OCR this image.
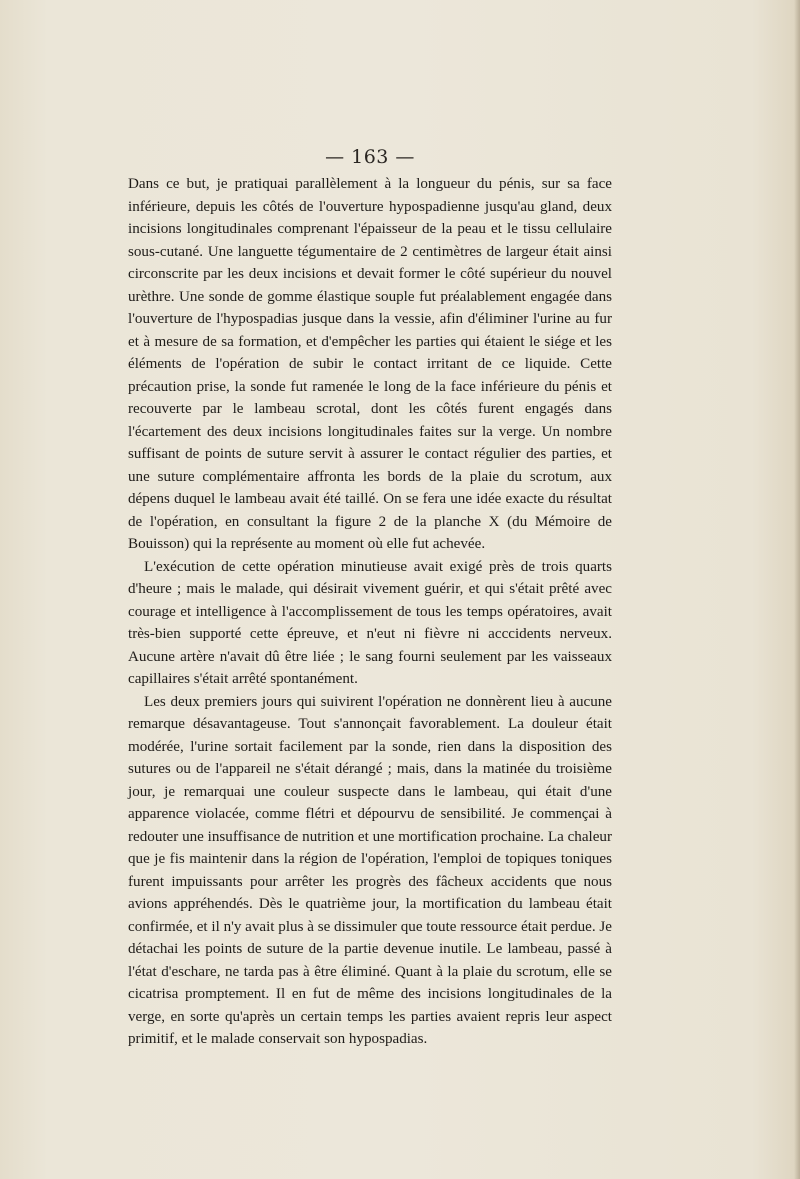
— 163 —

Dans ce but, je pratiquai parallèlement à la longueur du pénis, sur sa face inférieure, depuis les côtés de l'ouverture hypospadienne jusqu'au gland, deux incisions longitudinales comprenant l'épaisseur de la peau et le tissu cellulaire sous-cutané. Une languette tégumentaire de 2 centimètres de largeur était ainsi circonscrite par les deux incisions et devait former le côté supérieur du nouvel urèthre. Une sonde de gomme élastique souple fut préalablement engagée dans l'ouverture de l'hypospadias jusque dans la vessie, afin d'éliminer l'urine au fur et à mesure de sa formation, et d'empêcher les parties qui étaient le siége et les éléments de l'opération de subir le contact irritant de ce liquide. Cette précaution prise, la sonde fut ramenée le long de la face inférieure du pénis et recouverte par le lambeau scrotal, dont les côtés furent engagés dans l'écartement des deux incisions longitudinales faites sur la verge. Un nombre suffisant de points de suture servit à assurer le contact régulier des parties, et une suture complémentaire affronta les bords de la plaie du scrotum, aux dépens duquel le lambeau avait été taillé. On se fera une idée exacte du résultat de l'opération, en consultant la figure 2 de la planche X (du Mémoire de Bouisson) qui la représente au moment où elle fut achevée.

L'exécution de cette opération minutieuse avait exigé près de trois quarts d'heure ; mais le malade, qui désirait vivement guérir, et qui s'était prêté avec courage et intelligence à l'accomplissement de tous les temps opératoires, avait très-bien supporté cette épreuve, et n'eut ni fièvre ni acccidents nerveux. Aucune artère n'avait dû être liée ; le sang fourni seulement par les vaisseaux capillaires s'était arrêté spontanément.

Les deux premiers jours qui suivirent l'opération ne donnèrent lieu à aucune remarque désavantageuse. Tout s'annonçait favorablement. La douleur était modérée, l'urine sortait facilement par la sonde, rien dans la disposition des sutures ou de l'appareil ne s'était dérangé ; mais, dans la matinée du troisième jour, je remarquai une couleur suspecte dans le lambeau, qui était d'une apparence violacée, comme flétri et dépourvu de sensibilité. Je commençai à redouter une insuffisance de nutrition et une mortification prochaine. La chaleur que je fis maintenir dans la région de l'opération, l'emploi de topiques toniques furent impuissants pour arrêter les progrès des fâcheux accidents que nous avions appréhendés. Dès le quatrième jour, la mortification du lambeau était confirmée, et il n'y avait plus à se dissimuler que toute ressource était perdue. Je détachai les points de suture de la partie devenue inutile. Le lambeau, passé à l'état d'eschare, ne tarda pas à être éliminé. Quant à la plaie du scrotum, elle se cicatrisa promptement. Il en fut de même des incisions longitudinales de la verge, en sorte qu'après un certain temps les parties avaient repris leur aspect primitif, et le malade conservait son hypospadias.
